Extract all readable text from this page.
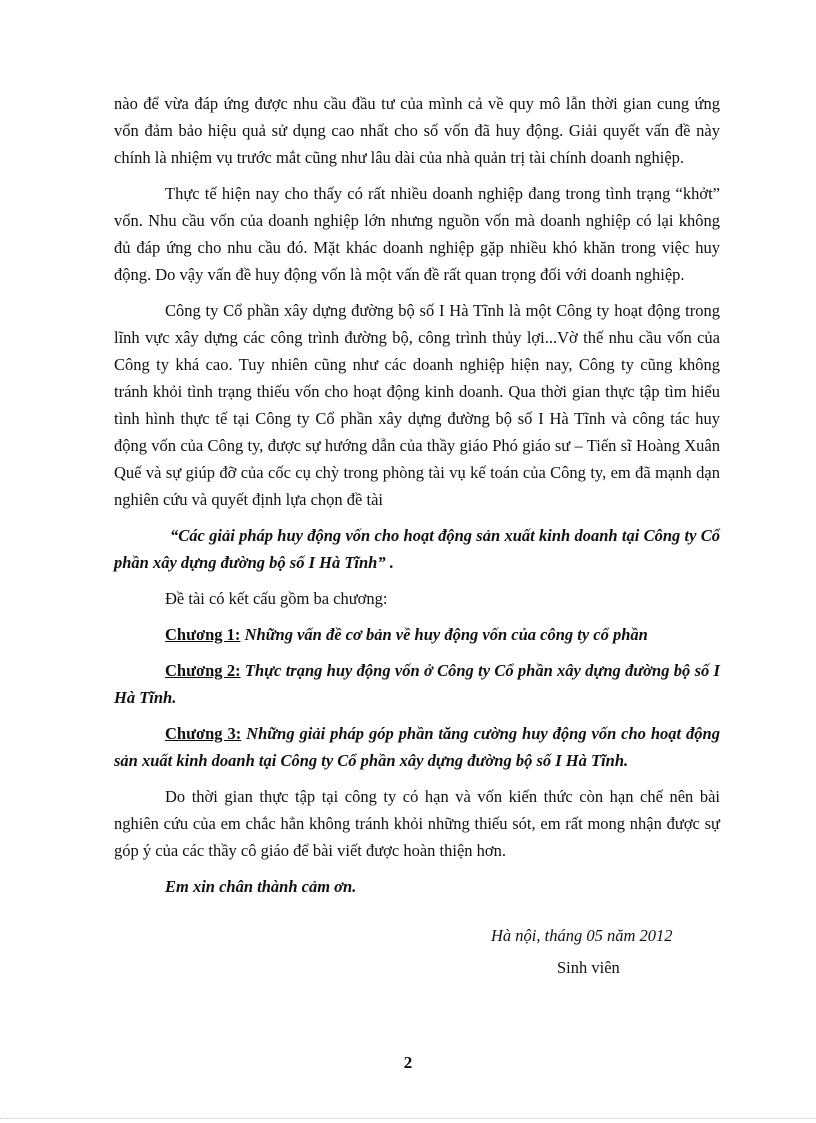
nào để vừa đáp ứng được nhu cầu đầu tư của mình cả về quy mô lẫn thời gian cung ứng vốn đảm bảo hiệu quả sử dụng cao nhất cho số vốn đã huy động. Giải quyết vấn đề này chính là nhiệm vụ trước mắt cũng như lâu dài của nhà quản trị tài chính doanh nghiệp.

Thực tế hiện nay cho thấy có rất nhiều doanh nghiệp đang trong tình trạng “khởt” vốn. Nhu cầu vốn của doanh nghiệp lớn nhưng nguồn vốn mà doanh nghiệp có lại không đủ đáp ứng cho nhu cầu đó. Mặt khác doanh nghiệp gặp nhiều khó khăn trong việc huy động. Do vậy vấn đề huy động vốn là một vấn đề rất quan trọng đối với doanh nghiệp.

Công ty Cổ phần xây dựng đường bộ số I Hà Tĩnh là một Công ty hoạt động trong lĩnh vực xây dựng các công trình đường bộ, công trình thủy lợi...Vờ thế nhu cầu vốn của Công ty khá cao. Tuy nhiên cũng như các doanh nghiệp hiện nay, Công ty cũng không tránh khỏi tình trạng thiếu vốn cho hoạt động kinh doanh. Qua thời gian thực tập tìm hiểu tình hình thực tế tại Công ty Cổ phần xây dựng đường bộ số I Hà Tĩnh và công tác huy động vốn của Công ty, được sự hướng dẫn của thầy giáo Phó giáo sư – Tiến sĩ Hoàng Xuân Quế và sự giúp đỡ của cốc cụ chỳ trong phòng tài vụ kế toán của Công ty, em đã mạnh dạn nghiên cứu và quyết định lựa chọn đề tài

“Các giải pháp huy động vốn cho hoạt động sản xuất kinh doanh tại Công ty Cổ phần xây dựng đường bộ số I Hà Tĩnh” .

Đề tài có kết cấu gồm ba chương:

Chương 1: Những vấn đề cơ bản về huy động vốn của công ty cổ phần

Chương 2: Thực trạng huy động vốn ở Công ty Cổ phần xây dựng đường bộ số I Hà Tĩnh.

Chương 3: Những giải pháp góp phần tăng cường huy động vốn cho hoạt động sản xuất kinh doanh tại Công ty Cổ phần xây dựng đường bộ số I Hà Tĩnh.

Do thời gian thực tập tại công ty có hạn và vốn kiến thức còn hạn chế nên bài nghiên cứu của em chắc hẳn không tránh khỏi những thiếu sót, em rất mong nhận được sự góp ý của các thầy cô giáo để bài viết được hoàn thiện hơn.

Em xin chân thành cảm ơn.

Hà nội, tháng 05 năm 2012
Sinh viên
2
